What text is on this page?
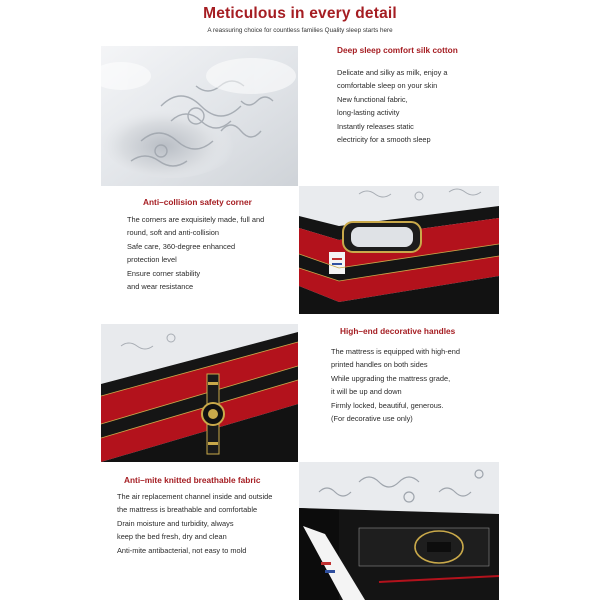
Meticulous in every detail
A reassuring choice for countless families Quality sleep starts here
Deep sleep comfort silk cotton
Delicate and silky as milk, enjoy a
comfortable sleep on your skin
New functional fabric,
long-lasting activity
Instantly releases static
electricity for a smooth sleep
Anti–collision safety corner
The corners are exquisitely made, full and
round, soft and anti-collision
Safe care, 360-degree enhanced
protection level
Ensure corner stability
and wear resistance
High–end decorative handles
The mattress is equipped with high-end
printed handles on both sides
While upgrading the mattress grade,
it will be up and down
Firmly locked, beautiful, generous.
(For decorative use only)
Anti–mite knitted breathable fabric
The air replacement channel inside and outside
the mattress is breathable and comfortable
Drain moisture and turbidity, always
keep the bed fresh, dry and clean
Anti-mite antibacterial, not easy to mold
